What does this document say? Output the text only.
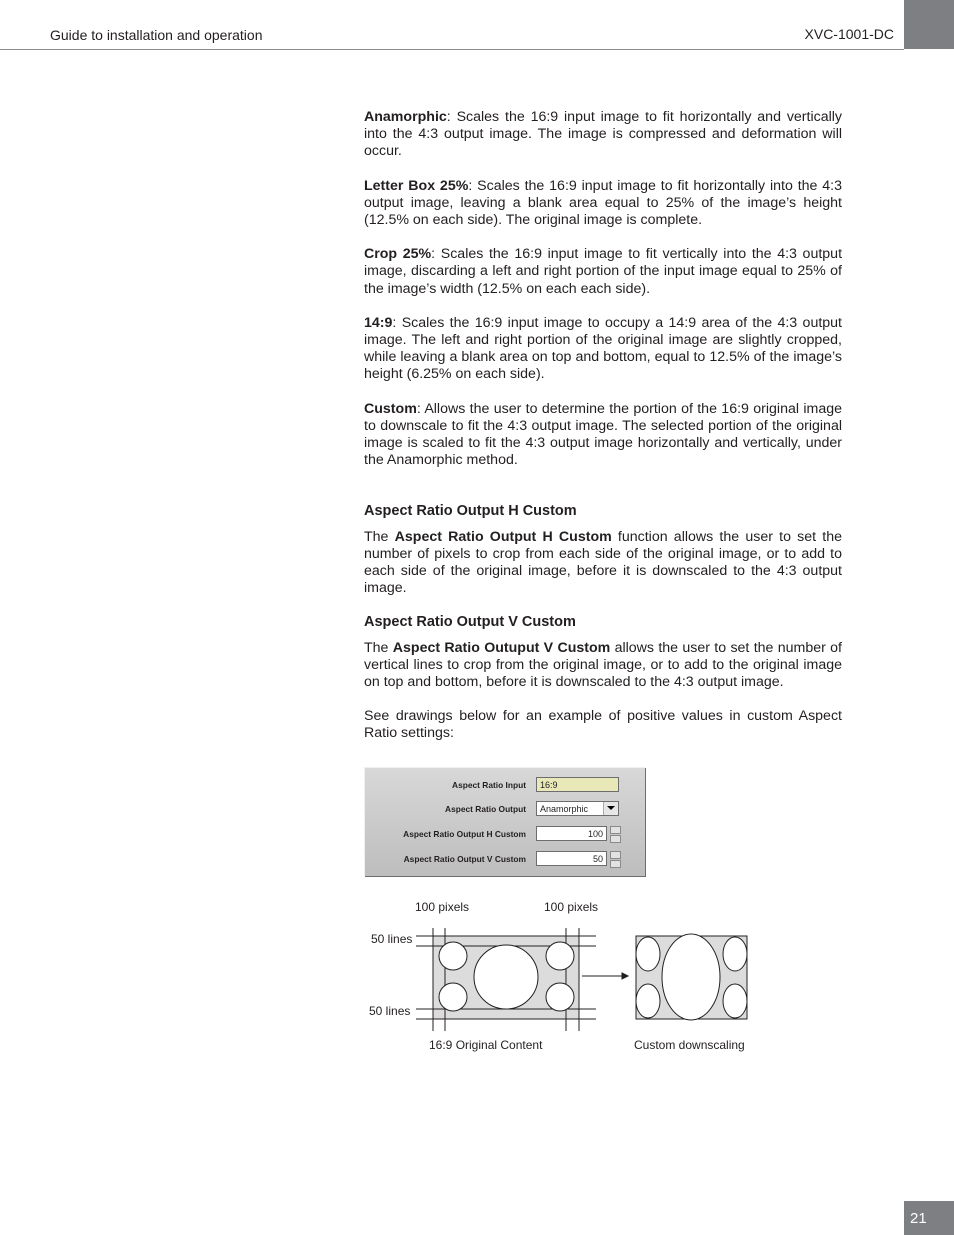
Guide to installation and operation	XVC-1001-DC

Anamorphic: Scales the 16:9 input image to fit horizontally and vertically into the 4:3 output image. The image is compressed and deformation will occur.

Letter Box 25%: Scales the 16:9 input image to fit horizontally into the 4:3 output image, leaving a blank area equal to 25% of the image’s height (12.5% on each side). The original image is complete.

Crop 25%: Scales the 16:9 input image to fit vertically into the 4:3 output image, discarding a left and right portion of the input image equal to 25% of the image’s width (12.5% on each each side).

14:9: Scales the 16:9 input image to occupy a 14:9 area of the 4:3 output image. The left and right portion of the original image are slightly cropped, while leaving a blank area on top and bottom, equal to 12.5% of the image’s height (6.25% on each side).

Custom: Allows the user to determine the portion of the 16:9 original image to downscale to fit the 4:3 output image. The selected portion of the original image is scaled to fit the 4:3 output image horizontally and vertically, under the Anamorphic method.

Aspect Ratio Output H Custom

The Aspect Ratio Output H Custom function allows the user to set the number of pixels to crop from each side of the original image, or to add to each side of the original image, before it is downscaled to the 4:3 output image.

Aspect Ratio Output V Custom

The Aspect Ratio Outuput V Custom allows the user to set the number of vertical lines to crop from the original image, or to add to the original image on top and bottom, before it is downscaled to the 4:3 output image.

See drawings below for an example of positive values in custom Aspect Ratio settings:

Aspect Ratio Input	16:9
Aspect Ratio Output	Anamorphic
Aspect Ratio Output H Custom	100
Aspect Ratio Output V Custom	50
100 pixels	100 pixels
50 lines
50 lines
16:9 Original Content	Custom downscaling
21
